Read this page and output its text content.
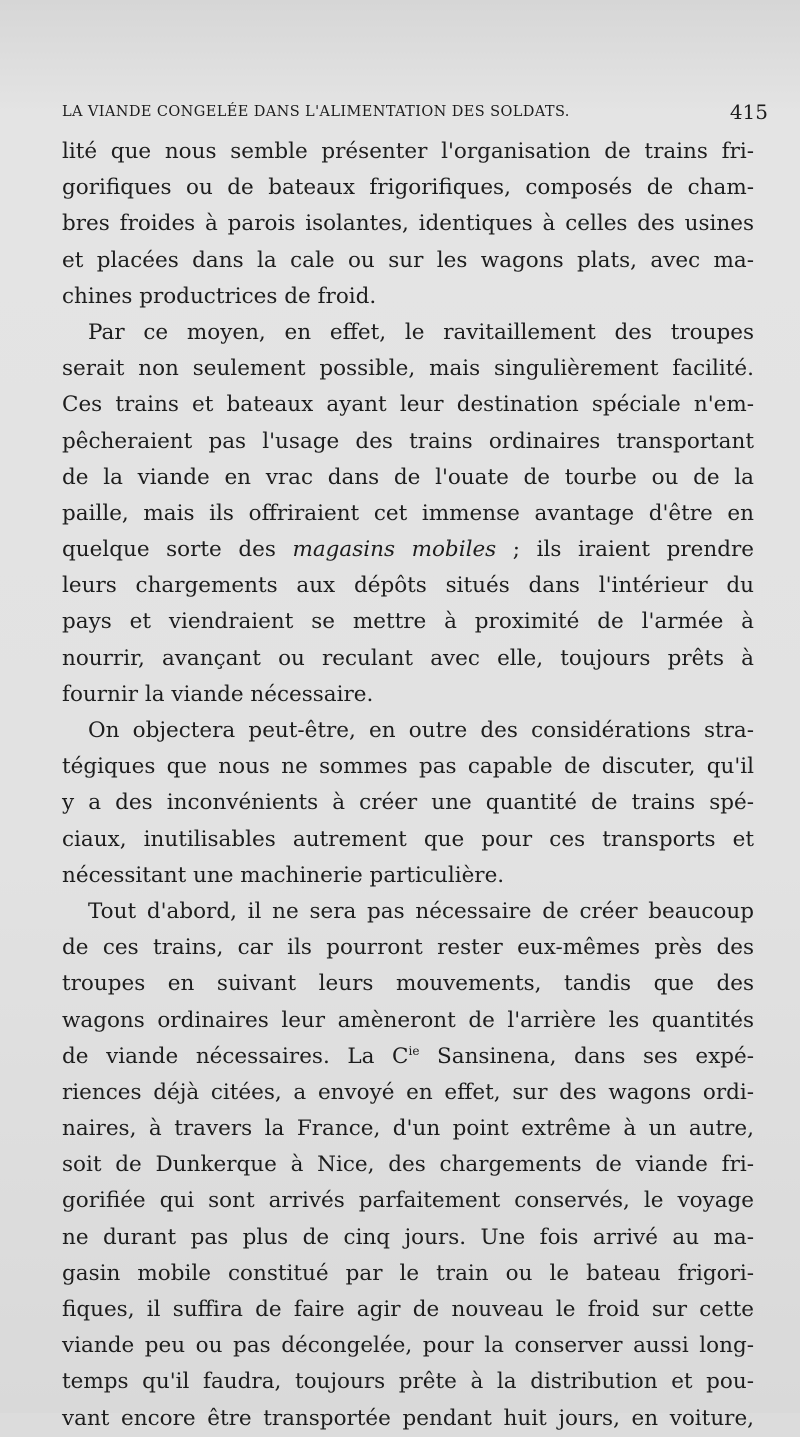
LA VIANDE CONGELÉE DANS L'ALIMENTATION DES SOLDATS.	415
lité que nous semble présenter l'organisation de trains fri-
gorifiques ou de bateaux frigorifiques, composés de cham-
bres froides à parois isolantes, identiques à celles des usines
et placées dans la cale ou sur les wagons plats, avec ma-
chines productrices de froid.
Par ce moyen, en effet, le ravitaillement des troupes
serait non seulement possible, mais singulièrement facilité.
Ces trains et bateaux ayant leur destination spéciale n'em-
pêcheraient pas l'usage des trains ordinaires transportant
de la viande en vrac dans de l'ouate de tourbe ou de la
paille, mais ils offriraient cet immense avantage d'être en
quelque sorte des magasins mobiles ; ils iraient prendre
leurs chargements aux dépôts situés dans l'intérieur du
pays et viendraient se mettre à proximité de l'armée à
nourrir, avançant ou reculant avec elle, toujours prêts à
fournir la viande nécessaire.
On objectera peut-être, en outre des considérations stra-
tégiques que nous ne sommes pas capable de discuter, qu'il
y a des inconvénients à créer une quantité de trains spé-
ciaux, inutilisables autrement que pour ces transports et
nécessitant une machinerie particulière.
Tout d'abord, il ne sera pas nécessaire de créer beaucoup
de ces trains, car ils pourront rester eux-mêmes près des
troupes en suivant leurs mouvements, tandis que des
wagons ordinaires leur amèneront de l'arrière les quantités
de viande nécessaires. La $C^{ie}$ Sansinena, dans ses expé-
riences déjà citées, a envoyé en effet, sur des wagons ordi-
naires, à travers la France, d'un point extrême à un autre,
soit de Dunkerque à Nice, des chargements de viande fri-
gorifiée qui sont arrivés parfaitement conservés, le voyage
ne durant pas plus de cinq jours. Une fois arrivé au ma-
gasin mobile constitué par le train ou le bateau frigori-
fiques, il suffira de faire agir de nouveau le froid sur cette
viande peu ou pas décongelée, pour la conserver aussi long-
temps qu'il faudra, toujours prête à la distribution et pou-
vant encore être transportée pendant huit jours, en voiture,
